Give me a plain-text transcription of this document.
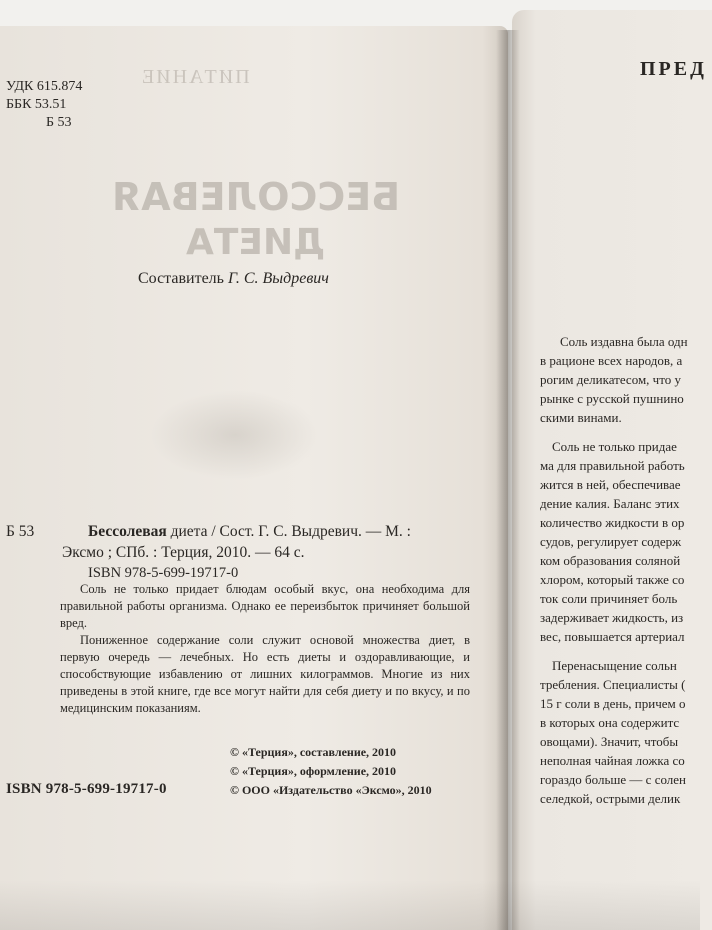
ПИТАНИЕ
БЕССОЛЕВАЯ
ДИЕТА
УДК 615.874
ББК 53.51
Б 53
Составитель Г. С. Выдревич
Б 53	Бессолевая диета / Сост. Г. С. Выдревич. — М. :
Эксмо ; СПб. : Терция, 2010. — 64 с.
ISBN 978-5-699-19717-0

Соль не только придает блюдам особый вкус, она необходима для правильной работы организма. Однако ее переизбыток причиняет большой вред.

Пониженное содержание соли служит основой множества диет, в первую очередь — лечебных. Но есть диеты и оздоравливающие, и способствующие избавлению от лишних килограммов. Многие из них приведены в этой книге, где все могут найти для себя диету и по вкусу, и по медицинским показаниям.

© «Терция», составление, 2010
© «Терция», оформление, 2010
© ООО «Издательство «Эксмо», 2010
ISBN 978-5-699-19717-0
ПРЕД
Соль издавна была одн
в рационе всех народов, а
рогим деликатесом, что у
рынке с русской пушнино
скими винами.
Соль не только придае
ма для правильной работь
жится в ней, обеспечивае
дение калия. Баланс этих
количество жидкости в ор
судов, регулирует содерж
ком образования соляной
хлором, который также со
ток соли причиняет боль
задерживает жидкость, из
вес, повышается артериал
Перенасыщение сольн
требления. Специалисты (
15 г соли в день, причем о
в которых она содержитс
овощами). Значит, чтобы
неполная чайная ложка со
гораздо больше — с солен
селедкой, острыми делик
